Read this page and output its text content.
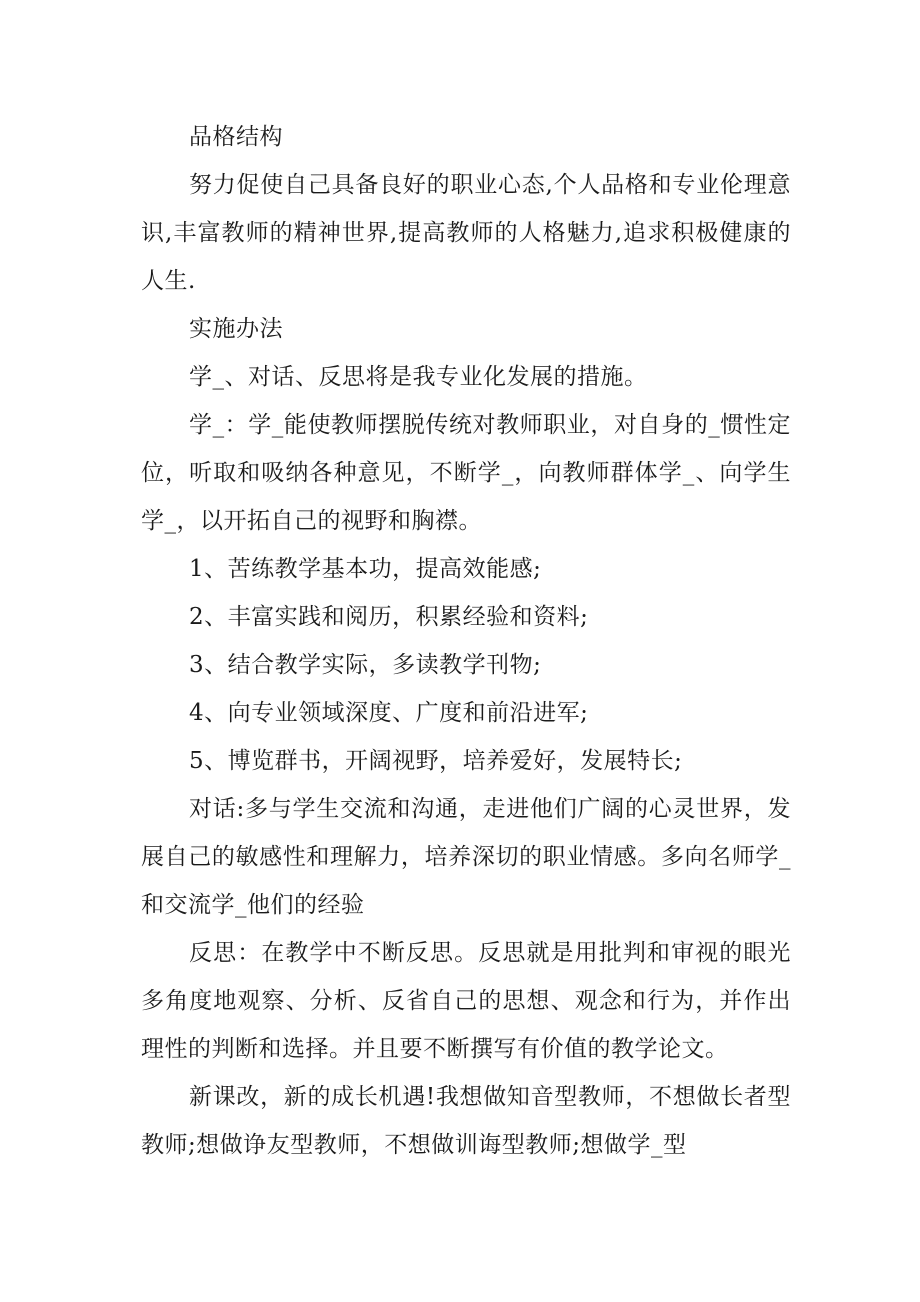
品格结构

努力促使自己具备良好的职业心态,个人品格和专业伦理意识,丰富教师的精神世界,提高教师的人格魅力,追求积极健康的人生.

实施办法

学_、对话、反思将是我专业化发展的措施。

学_：学_能使教师摆脱传统对教师职业，对自身的_惯性定位，听取和吸纳各种意见，不断学_，向教师群体学_、向学生学_，以开拓自己的视野和胸襟。

1、苦练教学基本功，提高效能感;

2、丰富实践和阅历，积累经验和资料;

3、结合教学实际，多读教学刊物;

4、向专业领域深度、广度和前沿进军;

5、博览群书，开阔视野，培养爱好，发展特长;

对话:多与学生交流和沟通，走进他们广阔的心灵世界，发展自己的敏感性和理解力，培养深切的职业情感。多向名师学_和交流学_他们的经验

反思：在教学中不断反思。反思就是用批判和审视的眼光多角度地观察、分析、反省自己的思想、观念和行为，并作出理性的判断和选择。并且要不断撰写有价值的教学论文。

新课改，新的成长机遇!我想做知音型教师，不想做长者型教师;想做诤友型教师，不想做训诲型教师;想做学_型
